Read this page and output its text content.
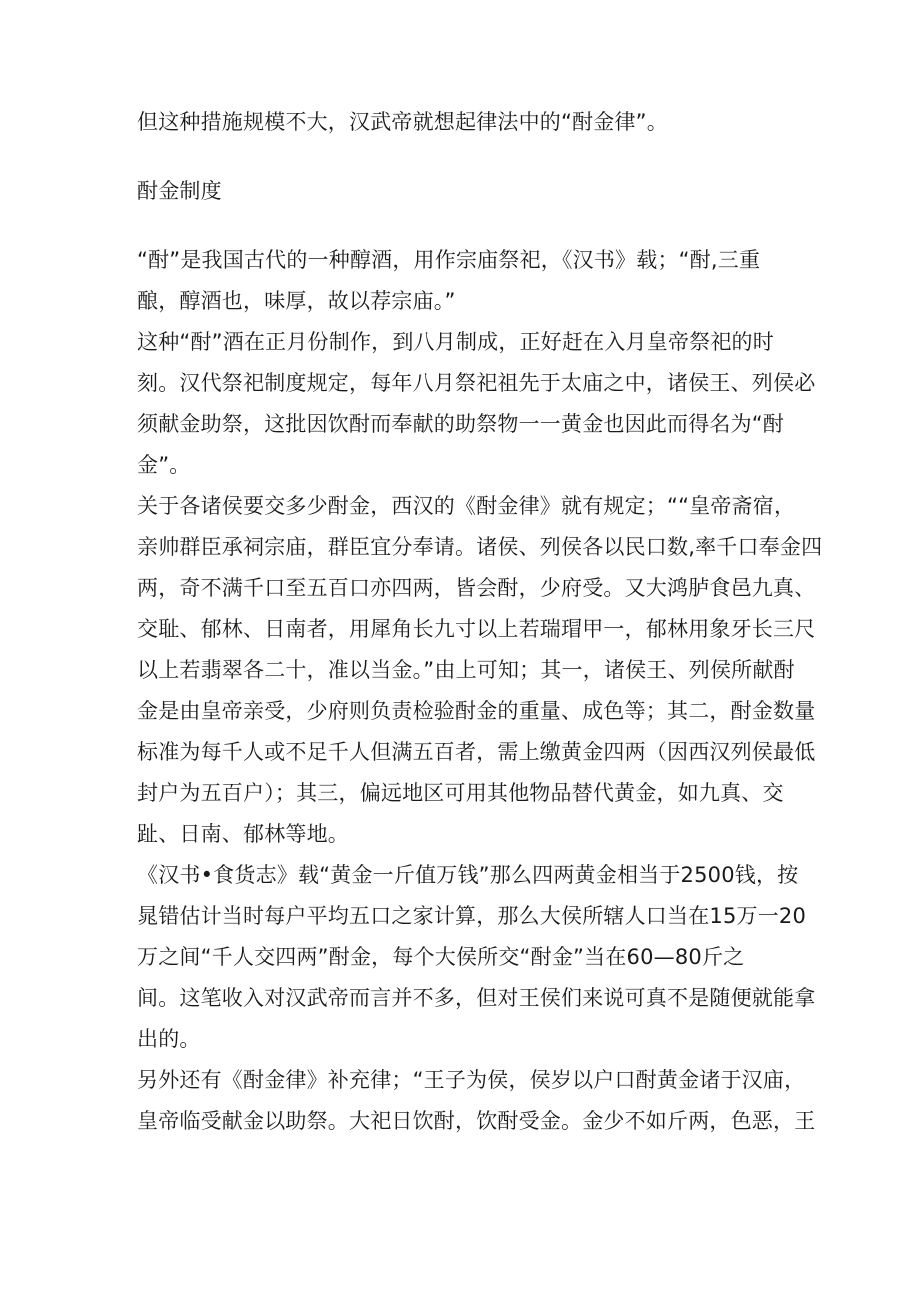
但这种措施规模不大，汉武帝就想起律法中的“酎金律”。
酎金制度
“酎”是我国古代的一种醇酒，用作宗庙祭祀，《汉书》载；“酎,三重
酿，醇酒也，味厚，故以荐宗庙。”
这种“酎”酒在正月份制作，到八月制成，正好赶在入月皇帝祭祀的时
刻。汉代祭祀制度规定，每年八月祭祀祖先于太庙之中，诸侯王、列侯必
须献金助祭，这批因饮酎而奉献的助祭物一一黄金也因此而得名为“酎
金”。
关于各诸侯要交多少酎金，西汉的《酎金律》就有规定；““皇帝斋宿，
亲帅群臣承祠宗庙，群臣宜分奉请。诸侯、列侯各以民口数,率千口奉金四
两，奇不满千口至五百口亦四两，皆会酎，少府受。又大鸿胪食邑九真、
交耻、郁林、日南者，用犀角长九寸以上若瑞瑁甲一，郁林用象牙长三尺
以上若翡翠各二十，准以当金。”由上可知；其一，诸侯王、列侯所献酎
金是由皇帝亲受，少府则负责检验酎金的重量、成色等；其二，酎金数量
标准为每千人或不足千人但满五百者，需上缴黄金四两（因西汉列侯最低
封户为五百户）；其三，偏远地区可用其他物品替代黄金，如九真、交
趾、日南、郁林等地。
《汉书•食货志》载“黄金一斤值万钱”那么四两黄金相当于2500钱，按
晁错估计当时每户平均五口之家计算，那么大侯所辖人口当在15万一20
万之间“千人交四两”酎金，每个大侯所交“酎金”当在60—80斤之
间。这笔收入对汉武帝而言并不多，但对王侯们来说可真不是随便就能拿
出的。
另外还有《酎金律》补充律；“王子为侯，侯岁以户口酎黄金诸于汉庙，
皇帝临受献金以助祭。大祀日饮酎，饮酎受金。金少不如斤两，色恶，王
